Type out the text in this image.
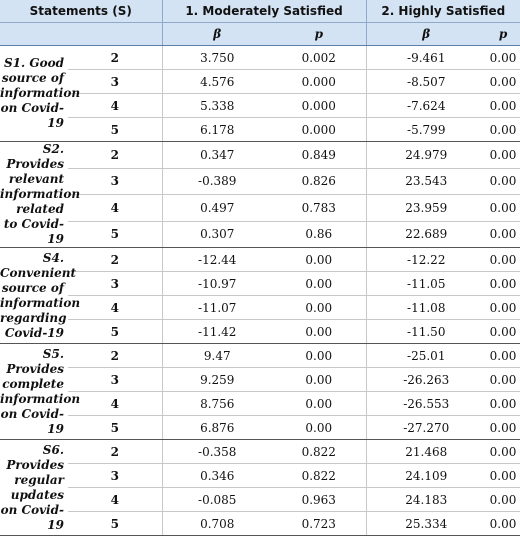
Statements (S)		1. Moderately Satisfied		2. Highly Satisfied	
		β	p	β	p
S1. Good source of information on Covid-19	2	3.750	0.002	-9.461	0.00
	3	4.576	0.000	-8.507	0.00
	4	5.338	0.000	-7.624	0.00
	5	6.178	0.000	-5.799	0.00
S2. Provides relevant information related to Covid-19	2	0.347	0.849	24.979	0.00
	3	-0.389	0.826	23.543	0.00
	4	0.497	0.783	23.959	0.00
	5	0.307	0.86	22.689	0.00
S4. Convenient source of information regarding Covid-19	2	-12.44	0.00	-12.22	0.00
	3	-10.97	0.00	-11.05	0.00
	4	-11.07	0.00	-11.08	0.00
	5	-11.42	0.00	-11.50	0.00
S5. Provides complete information on Covid-19	2	9.47	0.00	-25.01	0.00
	3	9.259	0.00	-26.263	0.00
	4	8.756	0.00	-26.553	0.00
	5	6.876	0.00	-27.270	0.00
S6. Provides regular updates on Covid-19	2	-0.358	0.822	21.468	0.00
	3	0.346	0.822	24.109	0.00
	4	-0.085	0.963	24.183	0.00
	5	0.708	0.723	25.334	0.00
